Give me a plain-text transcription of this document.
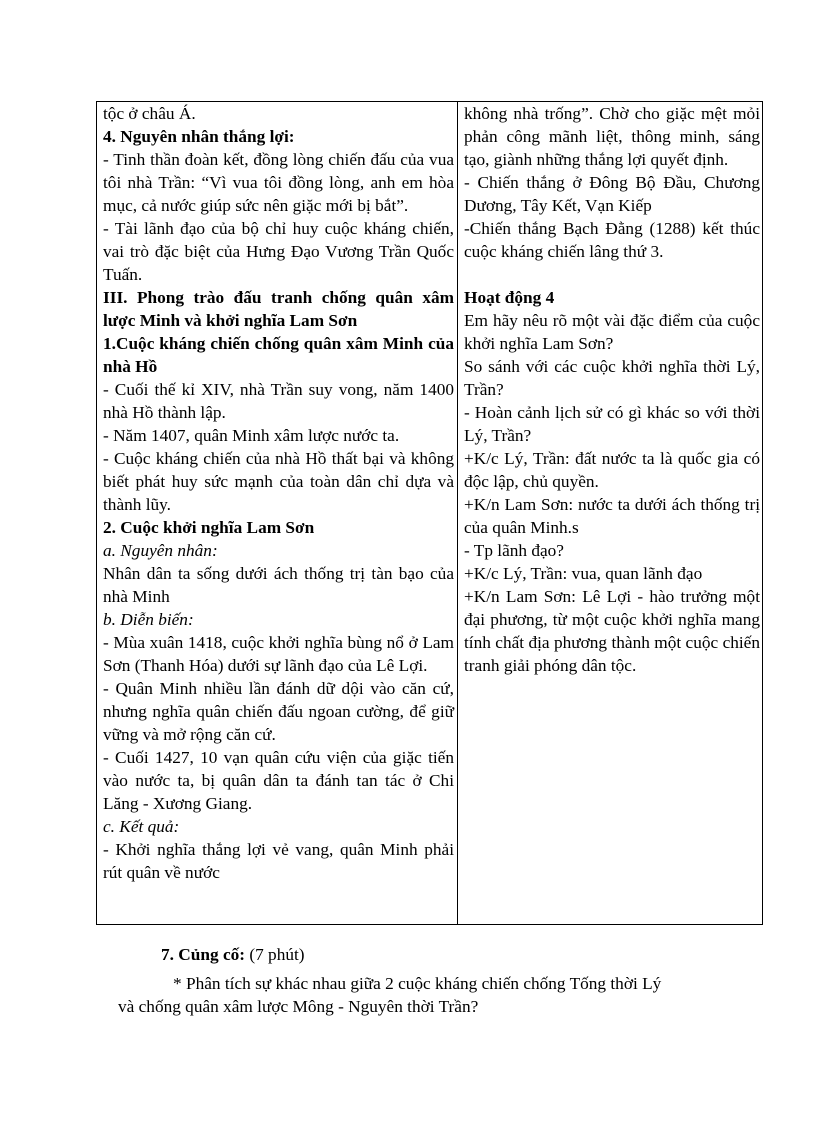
tộc ở châu Á.
4. Nguyên nhân thắng lợi:
- Tinh thần đoàn kết, đồng lòng chiến đấu của vua tôi nhà Trần: “Vì vua tôi đồng lòng, anh em hòa mục, cả nước giúp sức nên giặc mới bị bắt”.
- Tài lãnh đạo của bộ chỉ huy cuộc kháng chiến, vai trò đặc biệt của Hưng Đạo Vương Trần Quốc Tuấn.
III. Phong trào đấu tranh chống quân xâm lược Minh và khởi nghĩa Lam Sơn
1.Cuộc kháng chiến chống quân xâm Minh của nhà Hồ
- Cuối thế kỉ XIV, nhà Trần suy vong, năm 1400 nhà Hồ thành lập.
- Năm 1407, quân Minh xâm lược nước ta.
- Cuộc kháng chiến của nhà Hồ thất bại và không biết phát huy sức mạnh của toàn dân chỉ dựa và thành lũy.
2. Cuộc khởi nghĩa Lam Sơn
a. Nguyên nhân:
Nhân dân ta sống dưới ách thống trị tàn bạo của nhà Minh
b. Diễn biến:
- Mùa xuân 1418, cuộc khởi nghĩa bùng nổ ở Lam Sơn (Thanh Hóa) dưới sự lãnh đạo của Lê Lợi.
- Quân Minh nhiều lần đánh dữ dội vào căn cứ, nhưng nghĩa quân chiến đấu ngoan cường, để giữ vững và mở rộng căn cứ.
- Cuối 1427, 10 vạn quân cứu viện của giặc tiến vào nước ta, bị quân dân ta đánh tan tác ở Chi Lăng - Xương Giang.
c. Kết quả:
- Khởi nghĩa thắng lợi vẻ vang, quân Minh phải rút quân về nước
không nhà trống”. Chờ cho giặc mệt mỏi phản công mãnh liệt, thông minh, sáng tạo, giành những thắng lợi quyết định.
- Chiến thắng ở Đông Bộ Đầu, Chương Dương, Tây Kết, Vạn Kiếp
-Chiến thắng Bạch Đằng (1288) kết thúc cuộc kháng chiến lâng thứ 3.
Hoạt động 4
Em hãy nêu rõ một vài đặc điểm của cuộc khởi nghĩa Lam Sơn?
So sánh với các cuộc khởi nghĩa thời Lý, Trần?
- Hoàn cảnh lịch sử có gì khác so với thời Lý, Trần?
+K/c Lý, Trần: đất nước ta là quốc gia có độc lập, chủ quyền.
+K/n Lam Sơn: nước ta dưới ách thống trị của quân Minh.s
- Tp lãnh đạo?
+K/c Lý, Trần: vua, quan lãnh đạo
+K/n Lam Sơn: Lê Lợi - hào trưởng một đại phương, từ một cuộc khởi nghĩa mang tính chất địa phương thành một cuộc chiến tranh giải phóng dân tộc.
7. Củng cố: (7 phút)
* Phân tích sự khác nhau giữa 2 cuộc kháng chiến chống Tống thời Lý
và chống quân xâm lược Mông - Nguyên thời Trần?
